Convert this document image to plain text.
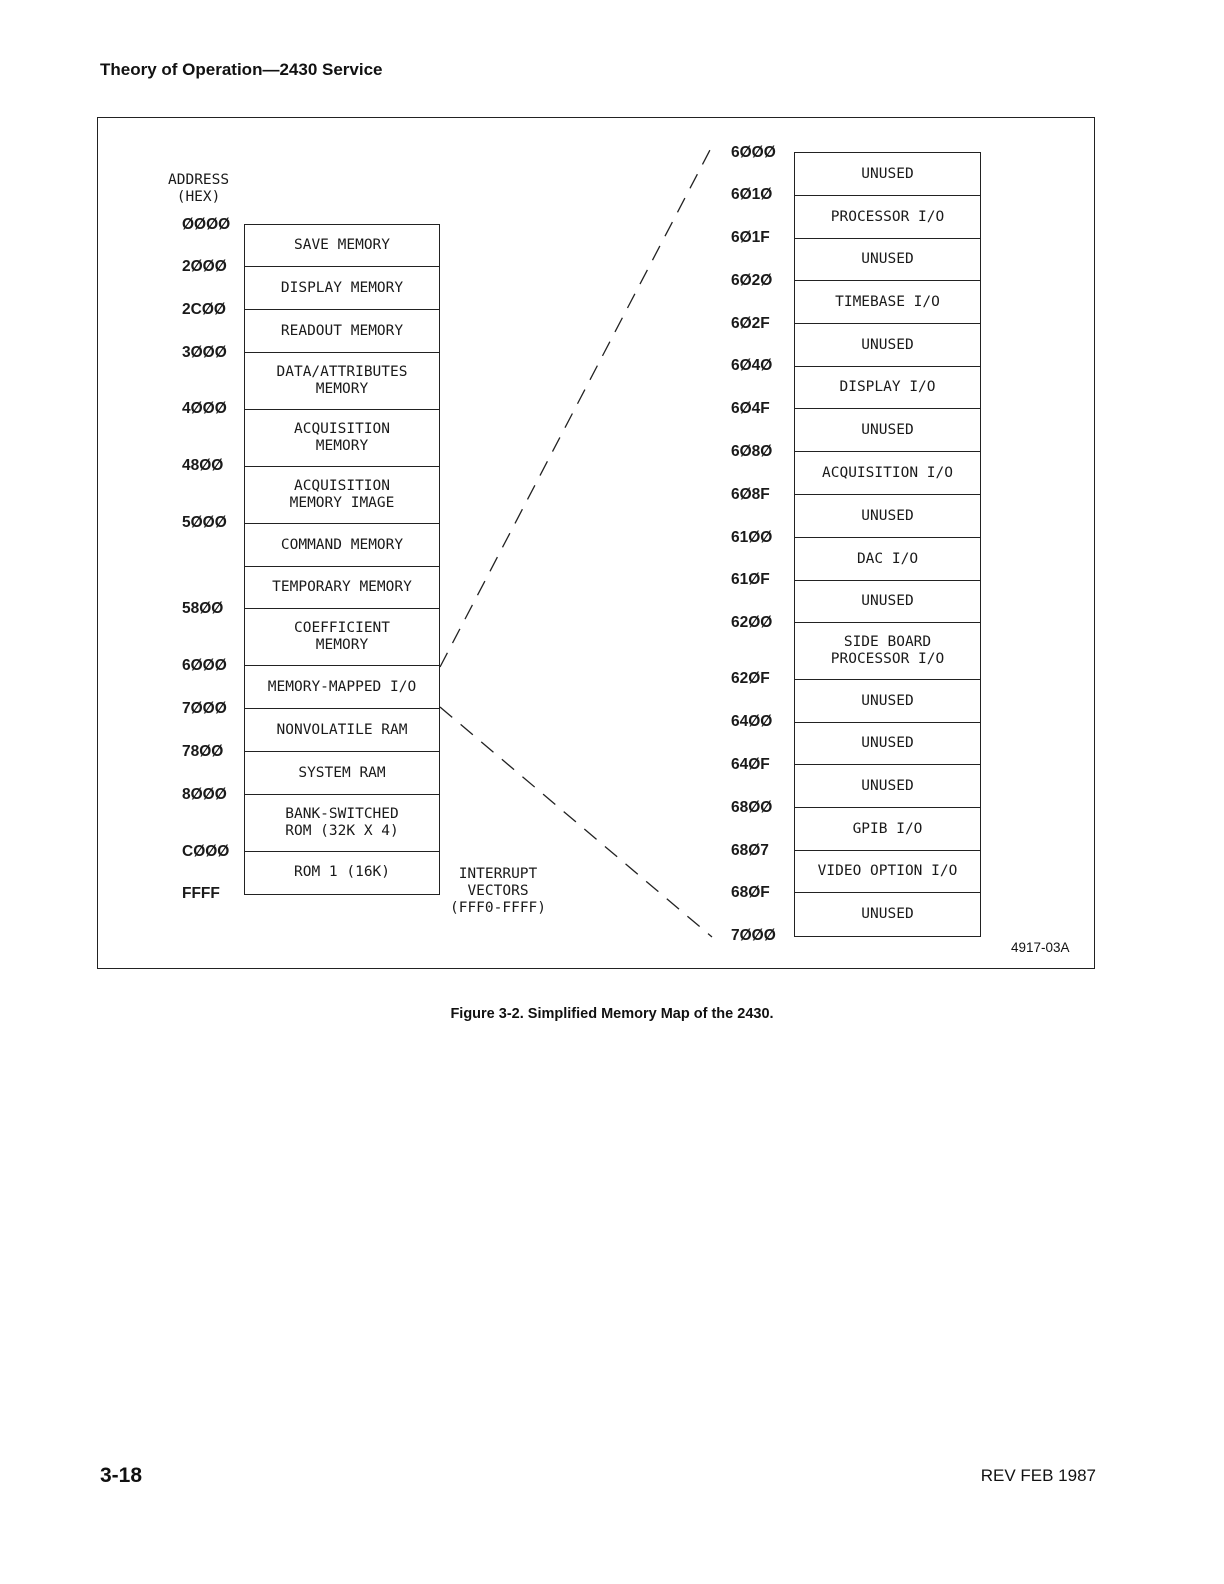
Theory of Operation—2430 Service
ADDRESS
(HEX)
ØØØØ
2ØØØ
2CØØ
3ØØØ
4ØØØ
48ØØ
5ØØØ
58ØØ
6ØØØ
7ØØØ
78ØØ
8ØØØ
CØØØ
FFFF
SAVE MEMORY
DISPLAY MEMORY
READOUT MEMORY
DATA/ATTRIBUTES
MEMORY
ACQUISITION
MEMORY
ACQUISITION
MEMORY IMAGE
COMMAND MEMORY
TEMPORARY MEMORY
COEFFICIENT
MEMORY
MEMORY-MAPPED I/O
NONVOLATILE RAM
SYSTEM RAM
BANK-SWITCHED
ROM (32K X 4)
ROM 1 (16K)	INTERRUPT
VECTORS
(FFF0-FFFF)
6ØØØ
6Ø1Ø
6Ø1F
6Ø2Ø
6Ø2F
6Ø4Ø
6Ø4F
6Ø8Ø
6Ø8F
61ØØ
61ØF
62ØØ
62ØF
64ØØ
64ØF
68ØØ
68Ø7
68ØF
7ØØØ
UNUSED
PROCESSOR I/O
UNUSED
TIMEBASE I/O
UNUSED
DISPLAY I/O
UNUSED
ACQUISITION I/O
UNUSED
DAC I/O
UNUSED
SIDE BOARD
PROCESSOR I/O
UNUSED
UNUSED
UNUSED
GPIB I/O
VIDEO OPTION I/O
UNUSED
4917-03A
Figure 3-2. Simplified Memory Map of the 2430.
3-18	REV FEB 1987
